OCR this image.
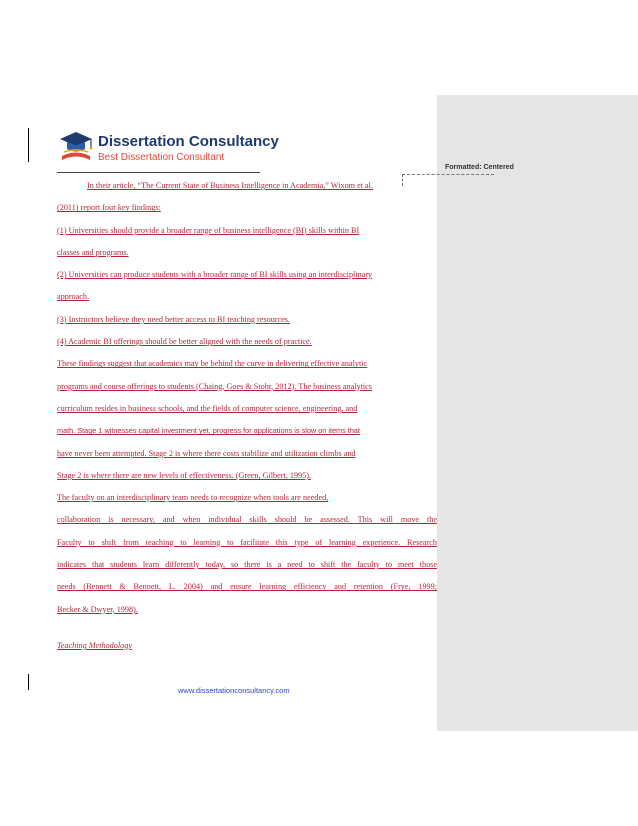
Formatted: Centered
Dissertation Consultancy
Best Dissertation Consultant
In their article, “The Current State of Business Intelligence in Academia,” Wixom et al.
(2011) report four key findings:
(1) Universities should provide a broader range of business intelligence (BI) skills within BI
classes and programs.
(2) Universities can produce students with a broader range of BI skills using an interdisciplinary
approach.
(3) Instructors believe they need better access to BI teaching resources.
(4) Academic BI offerings should be better aligned with the needs of practice.
These findings suggest that academics may be behind the curve in delivering effective analytic
programs and course offerings to students (Chaing, Goes & Stohr, 2012). The business analytics
curriculum resides in business schools, and the fields of computer science, engineering, and
math. Stage 1 witnesses capital investment yet, progress for applications is slow on items that
have never been attempted. Stage 2 is where there costs stabilize and utilization climbs and
Stage 2 is where there are new levels of effectiveness. (Green, Gilbert, 1995).
The faculty on an interdisciplinary team needs to recognize when tools are needed,
collaboration is necessary, and when individual skills should be assessed. This will move the
Faculty to shift from teaching to learning to facilitate this type of learning experience. Research
indicates that students learn differently today, so there is a need to shift the faculty to meet those
needs (Bennett & Bennett, L. 2004) and ensure learning efficiency and retention (Frye, 1999;
Becker & Dwyer, 1998).
Teaching Methodology
www.dissertationconsultancy.com
